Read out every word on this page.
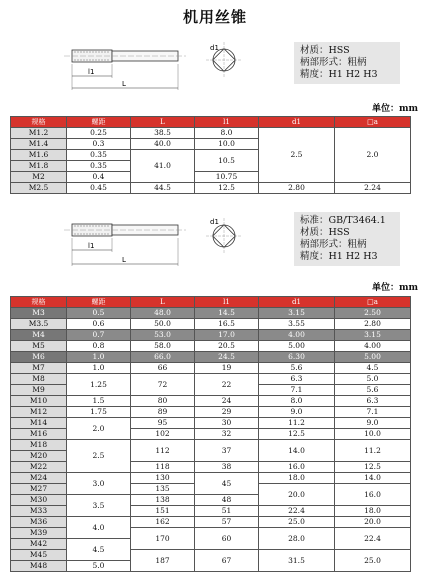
机用丝锥
l1
L
d1	材质：HSS
柄部形式：粗柄
精度：H1 H2 H3
单位：mm
规格	螺距	L	l1	d1	□a
M1.2	0.25	38.5	8.0	2.5	2.0
M1.4	0.3	40.0	10.0		
M1.6	0.35	41.0	10.5		
M1.8	0.35				
M2	0.4		10.75		
M2.5	0.45	44.5	12.5	2.80	2.24
l1
L
d1	标准：GB/T3464.1
材质：HSS
柄部形式：粗柄
精度：H1 H2 H3
单位：mm
规格	螺距	L	l1	d1	□a
M3	0.5	48.0	14.5	3.15	2.50
M3.5	0.6	50.0	16.5	3.55	2.80
M4	0.7	53.0	17.0	4.00	3.15
M5	0.8	58.0	20.5	5.00	4.00
M6	1.0	66.0	24.5	6.30	5.00
M7	1.0	66	19	5.6	4.5
M8	1.25	72	22	6.3	5.0
M9				7.1	5.6
M10	1.5	80	24	8.0	6.3
M12	1.75	89	29	9.0	7.1
M14	2.0	95	30	11.2	9.0
M16		102	32	12.5	10.0
M18	2.5	112	37	14.0	11.2
M20					
M22		118	38	16.0	12.5
M24	3.0	130	45	18.0	14.0
M27		135		20.0	16.0
M30	3.5	138	48		
M33		151	51	22.4	18.0
M36	4.0	162	57	25.0	20.0
M39		170	60	28.0	22.4
M42	4.5				
M45		187	67	31.5	25.0
M48	5.0				
